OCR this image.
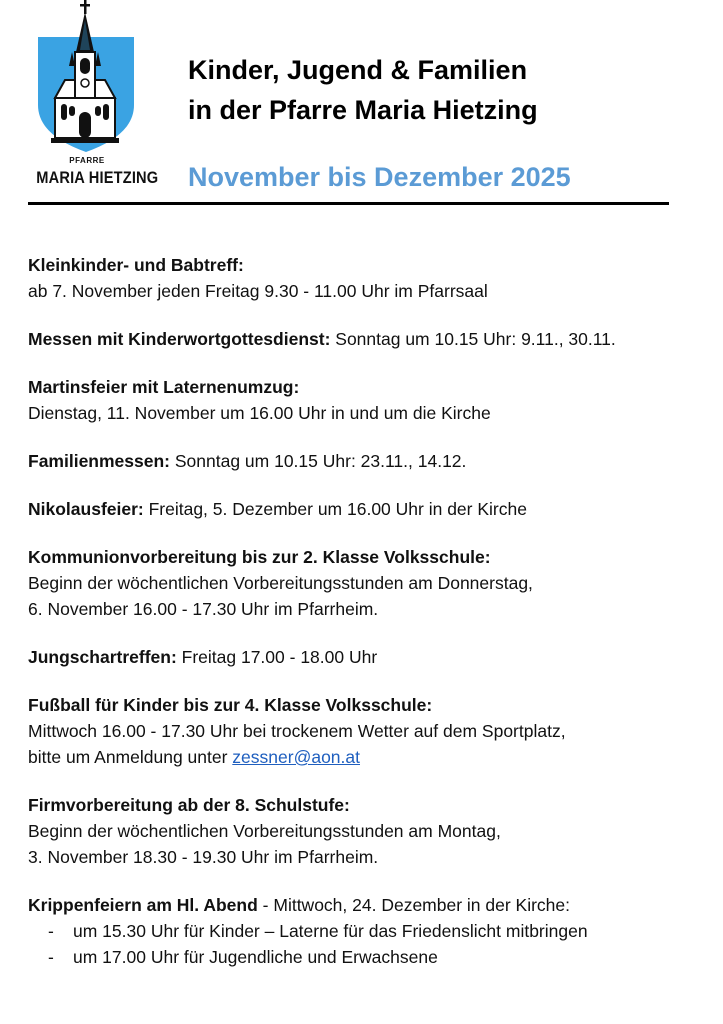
PFARRE
MARIA HIETZING
Kinder, Jugend & Familien
in der Pfarre Maria Hietzing
November bis Dezember 2025

Kleinkinder- und Babtreff:

ab 7. November jeden Freitag 9.30 - 11.00 Uhr im Pfarrsaal

Messen mit Kinderwortgottesdienst: Sonntag um 10.15 Uhr: 9.11., 30.11.

Martinsfeier mit Laternenumzug:

Dienstag, 11. November um 16.00 Uhr in und um die Kirche

Familienmessen: Sonntag um 10.15 Uhr: 23.11., 14.12.

Nikolausfeier: Freitag, 5. Dezember um 16.00 Uhr in der Kirche

Kommunionvorbereitung bis zur 2. Klasse Volksschule:

Beginn der wöchentlichen Vorbereitungsstunden am Donnerstag,

6. November 16.00 - 17.30 Uhr im Pfarrheim.

Jungschartreffen: Freitag 17.00 - 18.00 Uhr

Fußball für Kinder bis zur 4. Klasse Volksschule:

Mittwoch 16.00 - 17.30 Uhr bei trockenem Wetter auf dem Sportplatz,

bitte um Anmeldung unter zessner@aon.at

Firmvorbereitung ab der 8. Schulstufe:

Beginn der wöchentlichen Vorbereitungsstunden am Montag,

3. November 18.30 - 19.30 Uhr im Pfarrheim.

Krippenfeiern am Hl. Abend - Mittwoch, 24. Dezember in der Kirche:

- um 15.30 Uhr für Kinder – Laterne für das Friedenslicht mitbringen
- um 17.00 Uhr für Jugendliche und Erwachsene
